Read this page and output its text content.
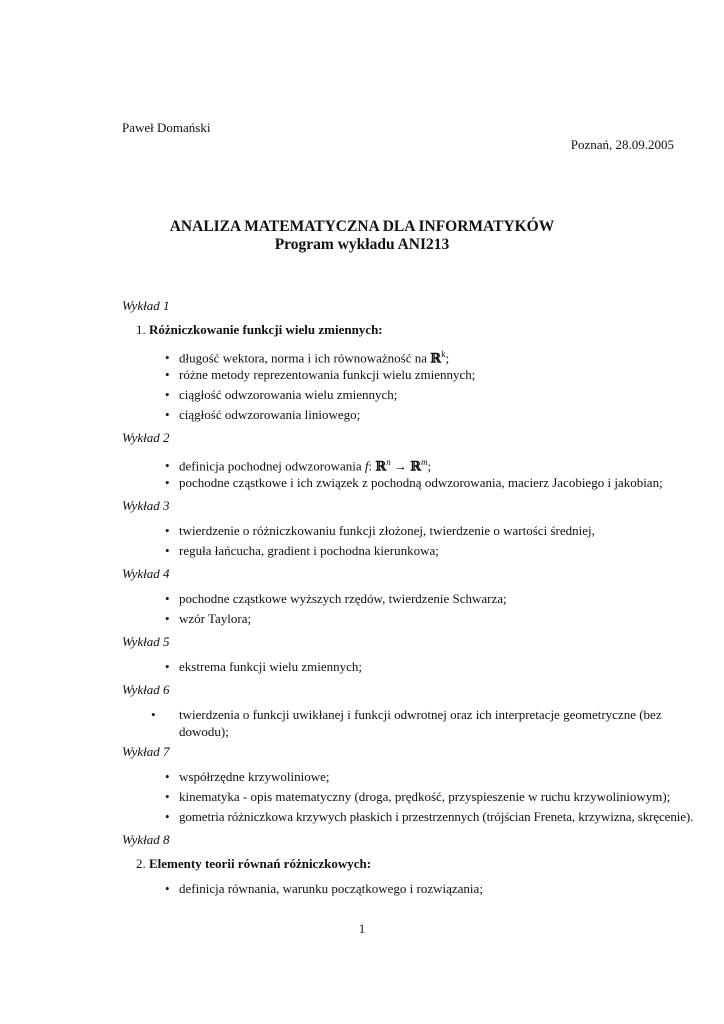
Paweł Domański
Poznań, 28.09.2005
ANALIZA MATEMATYCZNA DLA INFORMATYKÓW
Program wykładu ANI213
Wykład 1
1. Różniczkowanie funkcji wielu zmiennych:
• długość wektora, norma i ich równoważność na ℝ$^k$;
• różne metody reprezentowania funkcji wielu zmiennych;
• ciągłość odwzorowania wielu zmiennych;
• ciągłość odwzorowania liniowego;
Wykład 2
• definicja pochodnej odwzorowania f: ℝ$^n$ → ℝ$^m$;
• pochodne cząstkowe i ich związek z pochodną odwzorowania, macierz Jacobiego i jakobian;
Wykład 3
• twierdzenie o różniczkowaniu funkcji złożonej, twierdzenie o wartości średniej,
• reguła łańcucha, gradient i pochodna kierunkowa;
Wykład 4
• pochodne cząstkowe wyższych rzędów, twierdzenie Schwarza;
• wzór Taylora;
Wykład 5
• ekstrema funkcji wielu zmiennych;
Wykład 6
• twierdzenia o funkcji uwikłanej i funkcji odwrotnej oraz ich interpretacje geometryczne (bez dowodu);
Wykład 7
• współrzędne krzywoliniowe;
• kinematyka - opis matematyczny (droga, prędkość, przyspieszenie w ruchu krzywoliniowym);
• gometria różniczkowa krzywych płaskich i przestrzennych (trójścian Freneta, krzywizna, skręcenie).
Wykład 8
2. Elementy teorii równań różniczkowych:
• definicja równania, warunku początkowego i rozwiązania;
1
